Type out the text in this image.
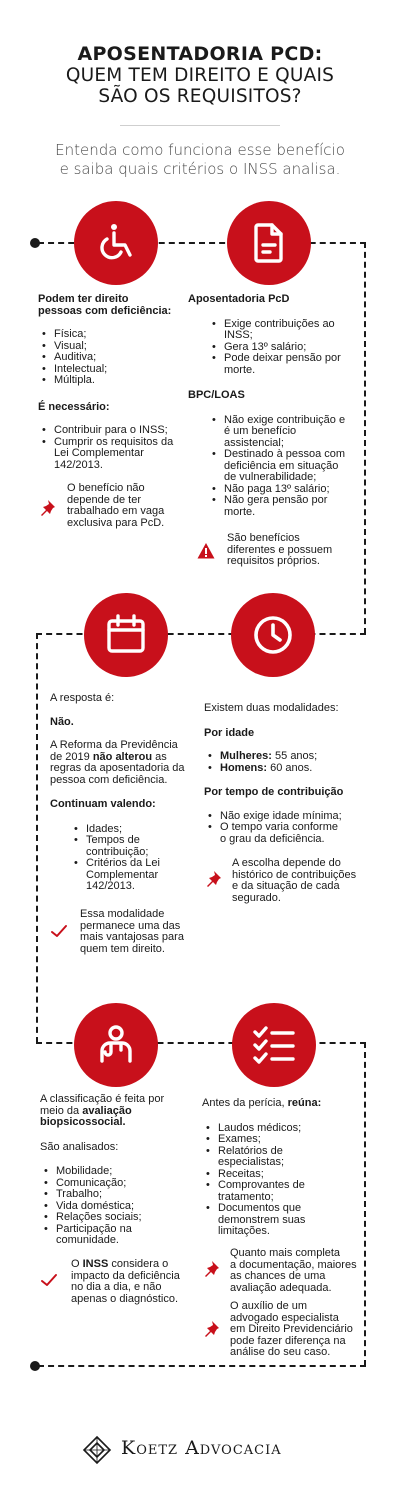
APOSENTADORIA PCD:
QUEM TEM DIREITO E QUAIS
SÃO OS REQUISITOS?
Entenda como funciona esse benefício
e saiba quais critérios o INSS analisa.
Podem ter direito
pessoas com deficiência:
• Física;
• Visual;
• Auditiva;
• Intelectual;
• Múltipla.
É necessário:
• Contribuir para o INSS;
• Cumprir os requisitos da
Lei Complementar
142/2013.
O benefício não
depende de ter
trabalhado em vaga
exclusiva para PcD.
Aposentadoria PcD
• Exige contribuições ao
INSS;
• Gera 13º salário;
• Pode deixar pensão por
morte.
BPC/LOAS
• Não exige contribuição e
é um benefício
assistencial;
• Destinado à pessoa com
deficiência em situação
de vulnerabilidade;
• Não paga 13º salário;
• Não gera pensão por
morte.
São benefícios
diferentes e possuem
requisitos próprios.
A resposta é:
Não.
A Reforma da Previdência
de 2019 não alterou as
regras da aposentadoria da
pessoa com deficiência.
Continuam valendo:
• Idades;
• Tempos de
contribuição;
• Critérios da Lei
Complementar
142/2013.
Essa modalidade
permanece uma das
mais vantajosas para
quem tem direito.
Existem duas modalidades:
Por idade
• Mulheres: 55 anos;
• Homens: 60 anos.
Por tempo de contribuição
• Não exige idade mínima;
• O tempo varia conforme
o grau da deficiência.
A escolha depende do
histórico de contribuições
e da situação de cada
segurado.
A classificação é feita por
meio da avaliação
biopsicossocial.
São analisados:
• Mobilidade;
• Comunicação;
• Trabalho;
• Vida doméstica;
• Relações sociais;
• Participação na
comunidade.
O INSS considera o
impacto da deficiência
no dia a dia, e não
apenas o diagnóstico.
Antes da perícia, reúna:
• Laudos médicos;
• Exames;
• Relatórios de
especialistas;
• Receitas;
• Comprovantes de
tratamento;
• Documentos que
demonstrem suas
limitações.
Quanto mais completa
a documentação, maiores
as chances de uma
avaliação adequada.
O auxílio de um
advogado especialista
em Direito Previdenciário
pode fazer diferença na
análise do seu caso.
Koetz Advocacia
